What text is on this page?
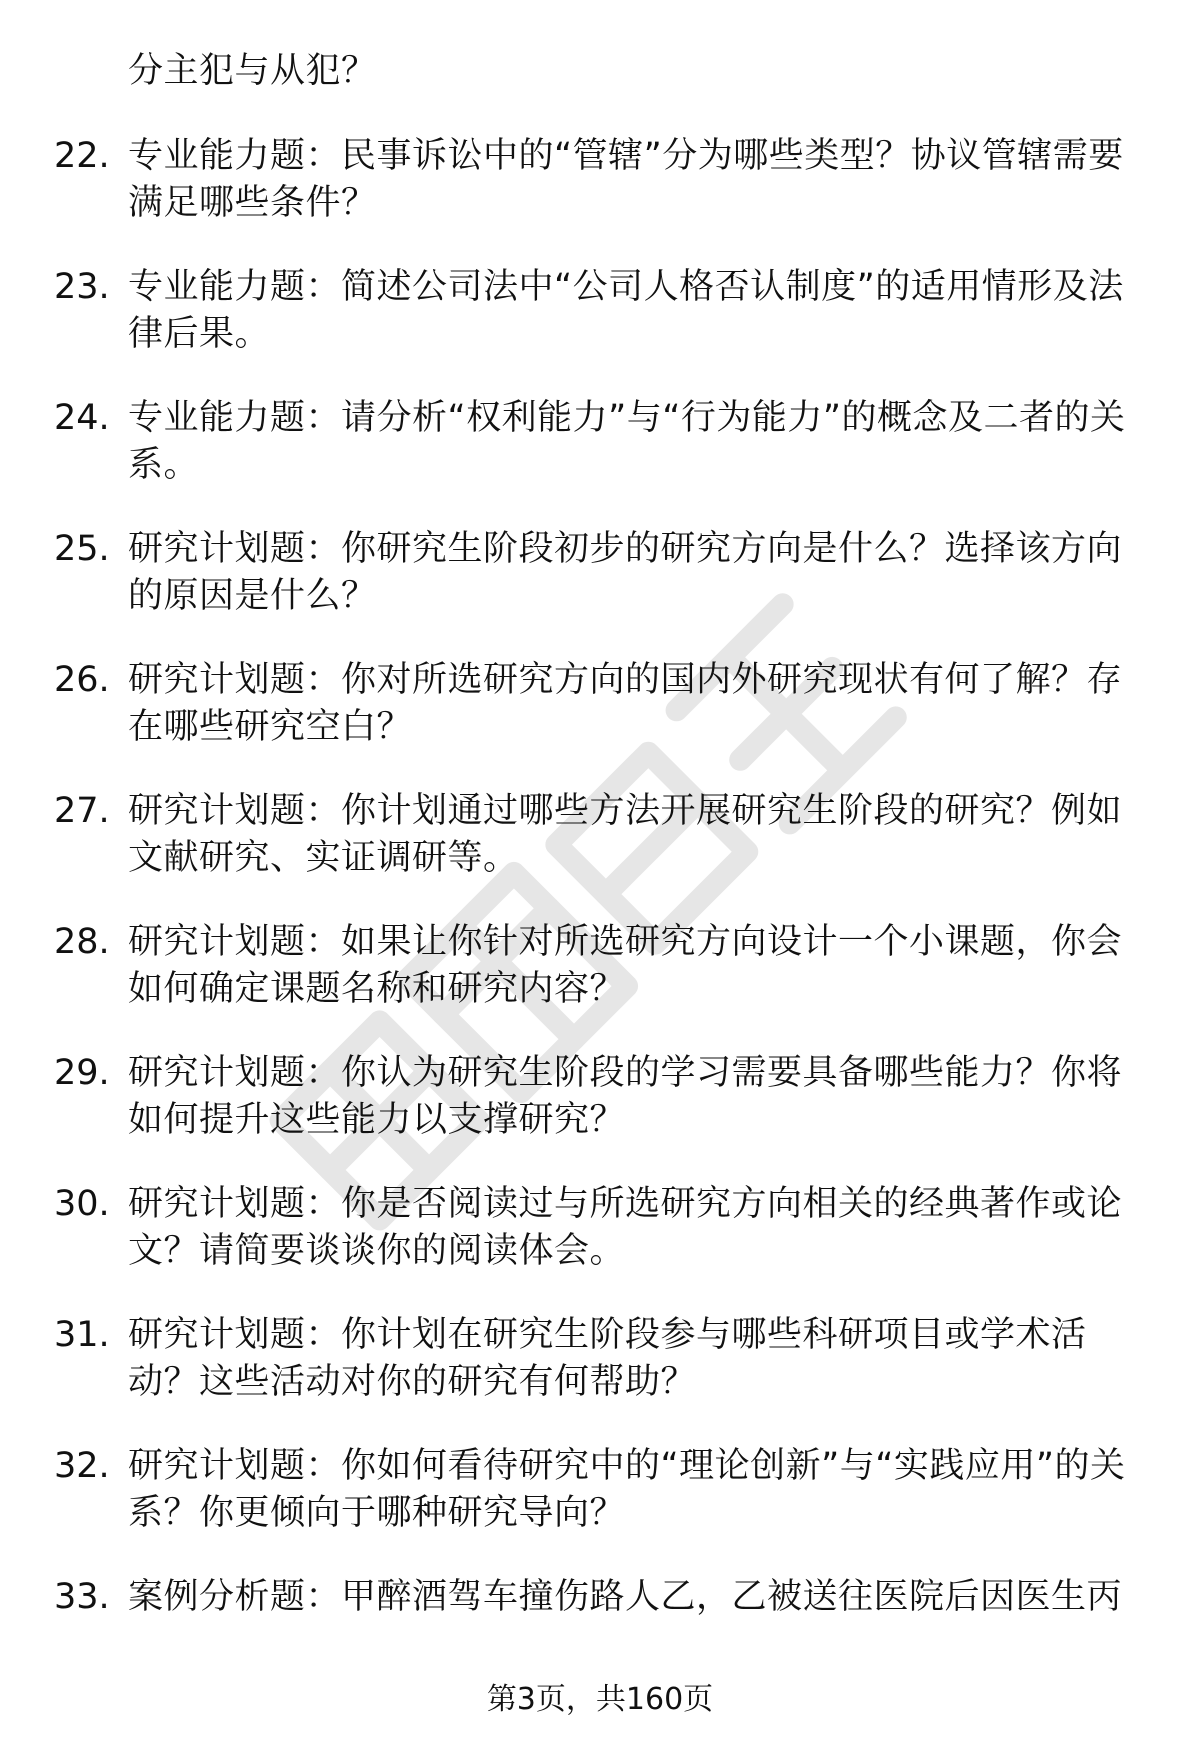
分主犯与从犯？
22. 专业能力题：民事诉讼中的“管辖”分为哪些类型？协议管辖需要满足哪些条件？
23. 专业能力题：简述公司法中“公司人格否认制度”的适用情形及法律后果。
24. 专业能力题：请分析“权利能力”与“行为能力”的概念及二者的关系。
25. 研究计划题：你研究生阶段初步的研究方向是什么？选择该方向的原因是什么？
26. 研究计划题：你对所选研究方向的国内外研究现状有何了解？存在哪些研究空白？
27. 研究计划题：你计划通过哪些方法开展研究生阶段的研究？例如文献研究、实证调研等。
28. 研究计划题：如果让你针对所选研究方向设计一个小课题，你会如何确定课题名称和研究内容？
29. 研究计划题：你认为研究生阶段的学习需要具备哪些能力？你将如何提升这些能力以支撑研究？
30. 研究计划题：你是否阅读过与所选研究方向相关的经典著作或论文？请简要谈谈你的阅读体会。
31. 研究计划题：你计划在研究生阶段参与哪些科研项目或学术活动？这些活动对你的研究有何帮助？
32. 研究计划题：你如何看待研究中的“理论创新”与“实践应用”的关系？你更倾向于哪种研究导向？
33. 案例分析题：甲醉酒驾车撞伤路人乙，乙被送往医院后因医生丙
第3页，共160页
